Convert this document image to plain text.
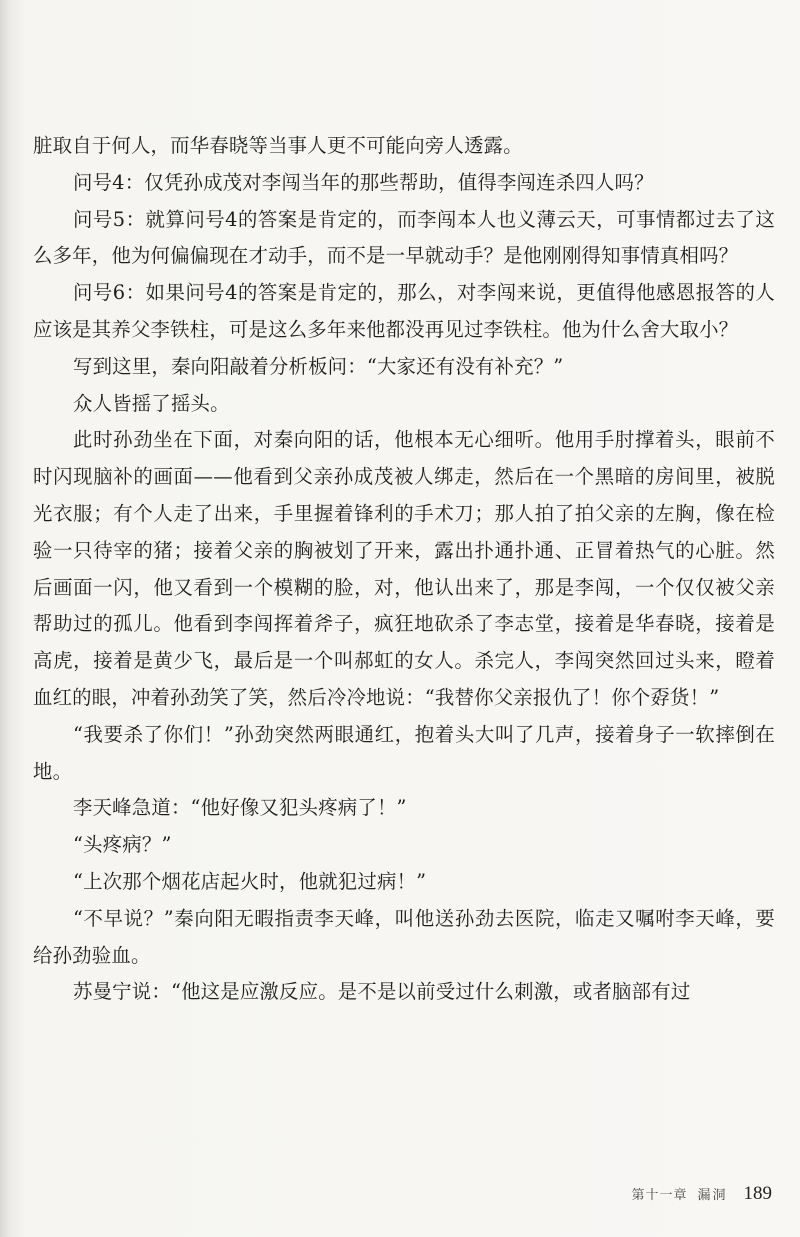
脏取自于何人，而华春晓等当事人更不可能向旁人透露。

问号4：仅凭孙成茂对李闯当年的那些帮助，值得李闯连杀四人吗？

问号5：就算问号4的答案是肯定的，而李闯本人也义薄云天，可事情都过去了这么多年，他为何偏偏现在才动手，而不是一早就动手？是他刚刚得知事情真相吗？

问号6：如果问号4的答案是肯定的，那么，对李闯来说，更值得他感恩报答的人应该是其养父李铁柱，可是这么多年来他都没再见过李铁柱。他为什么舍大取小？

写到这里，秦向阳敲着分析板问：“大家还有没有补充？”

众人皆摇了摇头。

此时孙劲坐在下面，对秦向阳的话，他根本无心细听。他用手肘撑着头，眼前不时闪现脑补的画面——他看到父亲孙成茂被人绑走，然后在一个黑暗的房间里，被脱光衣服；有个人走了出来，手里握着锋利的手术刀；那人拍了拍父亲的左胸，像在检验一只待宰的猪；接着父亲的胸被划了开来，露出扑通扑通、正冒着热气的心脏。然后画面一闪，他又看到一个模糊的脸，对，他认出来了，那是李闯，一个仅仅被父亲帮助过的孤儿。他看到李闯挥着斧子，疯狂地砍杀了李志堂，接着是华春晓，接着是高虎，接着是黄少飞，最后是一个叫郝虹的女人。杀完人，李闯突然回过头来，瞪着血红的眼，冲着孙劲笑了笑，然后冷冷地说：“我替你父亲报仇了！你个孬货！”

“我要杀了你们！”孙劲突然两眼通红，抱着头大叫了几声，接着身子一软摔倒在地。

李天峰急道：“他好像又犯头疼病了！”

“头疼病？”

“上次那个烟花店起火时，他就犯过病！”

“不早说？”秦向阳无暇指责李天峰，叫他送孙劲去医院，临走又嘱咐李天峰，要给孙劲验血。

苏曼宁说：“他这是应激反应。是不是以前受过什么刺激，或者脑部有过

第十一章 漏洞 189
